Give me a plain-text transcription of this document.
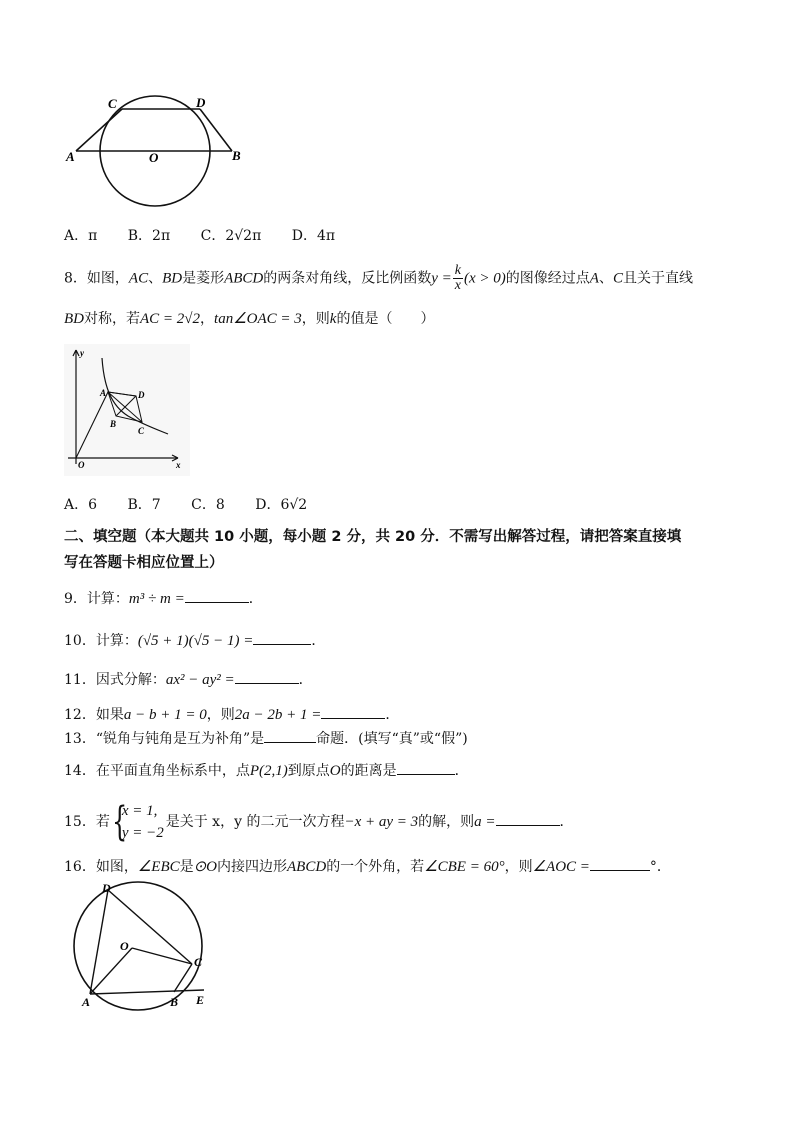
C	D
A	O	B
A．π B．2π C．2√2π D．4π
8．如图，AC、BD是菱形ABCD的两条对角线，反比例函数$y = \frac{k}{x} (x > 0)$的图像经过点A、C且关于直线
BD对称，若AC = 2√2，tan∠OAC = 3，则k的值是（　　）
y
x
O
A
B
C
D
A．6 B．7 C．8 D．6√2
二、填空题（本大题共 10 小题，每小题 2 分，共 20 分．不需写出解答过程，请把答案直接填
写在答题卡相应位置上）
9．计算：m³ ÷ m =	．
10．计算：(√5 + 1)(√5 − 1) =	．
11．因式分解：ax² − ay² =	．
12．如果a − b + 1 = 0，则2a − 2b + 1 =	．
13．“锐角与钝角是互为补角”是	命题．(填写“真”或“假”)
14．在平面直角坐标系中，点P(2,1)到原点O的距离是	．
15．若 {
x = 1,
y = −2
是关于 x，y 的二元一次方程−x + ay = 3的解，则a =	．
16．如图，∠EBC是⊙O内接四边形ABCD的一个外角，若∠CBE = 60°，则∠AOC =	°．
D
O
C
A	B E
